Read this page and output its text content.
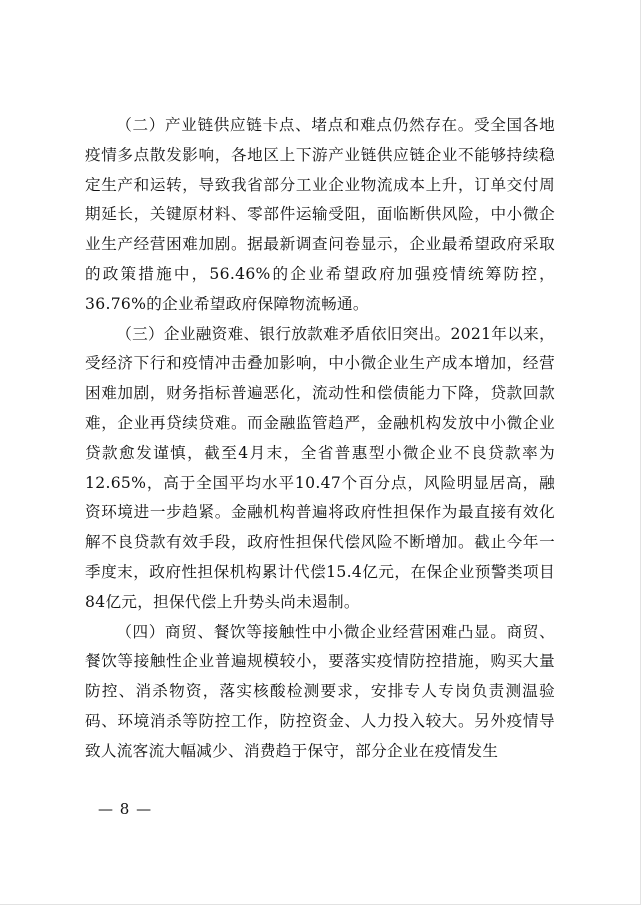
（二）产业链供应链卡点、堵点和难点仍然存在。受全国各地疫情多点散发影响，各地区上下游产业链供应链企业不能够持续稳定生产和运转，导致我省部分工业企业物流成本上升，订单交付周期延长，关键原材料、零部件运输受阻，面临断供风险，中小微企业生产经营困难加剧。据最新调查问卷显示，企业最希望政府采取的政策措施中，56.46%的企业希望政府加强疫情统筹防控，36.76%的企业希望政府保障物流畅通。

（三）企业融资难、银行放款难矛盾依旧突出。2021年以来，受经济下行和疫情冲击叠加影响，中小微企业生产成本增加，经营困难加剧，财务指标普遍恶化，流动性和偿债能力下降，贷款回款难，企业再贷续贷难。而金融监管趋严，金融机构发放中小微企业贷款愈发谨慎，截至4月末，全省普惠型小微企业不良贷款率为12.65%，高于全国平均水平10.47个百分点，风险明显居高，融资环境进一步趋紧。金融机构普遍将政府性担保作为最直接有效化解不良贷款有效手段，政府性担保代偿风险不断增加。截止今年一季度末，政府性担保机构累计代偿15.4亿元，在保企业预警类项目84亿元，担保代偿上升势头尚未遏制。

（四）商贸、餐饮等接触性中小微企业经营困难凸显。商贸、餐饮等接触性企业普遍规模较小，要落实疫情防控措施，购买大量防控、消杀物资，落实核酸检测要求，安排专人专岗负责测温验码、环境消杀等防控工作，防控资金、人力投入较大。另外疫情导致人流客流大幅减少、消费趋于保守，部分企业在疫情发生

— 8 —
